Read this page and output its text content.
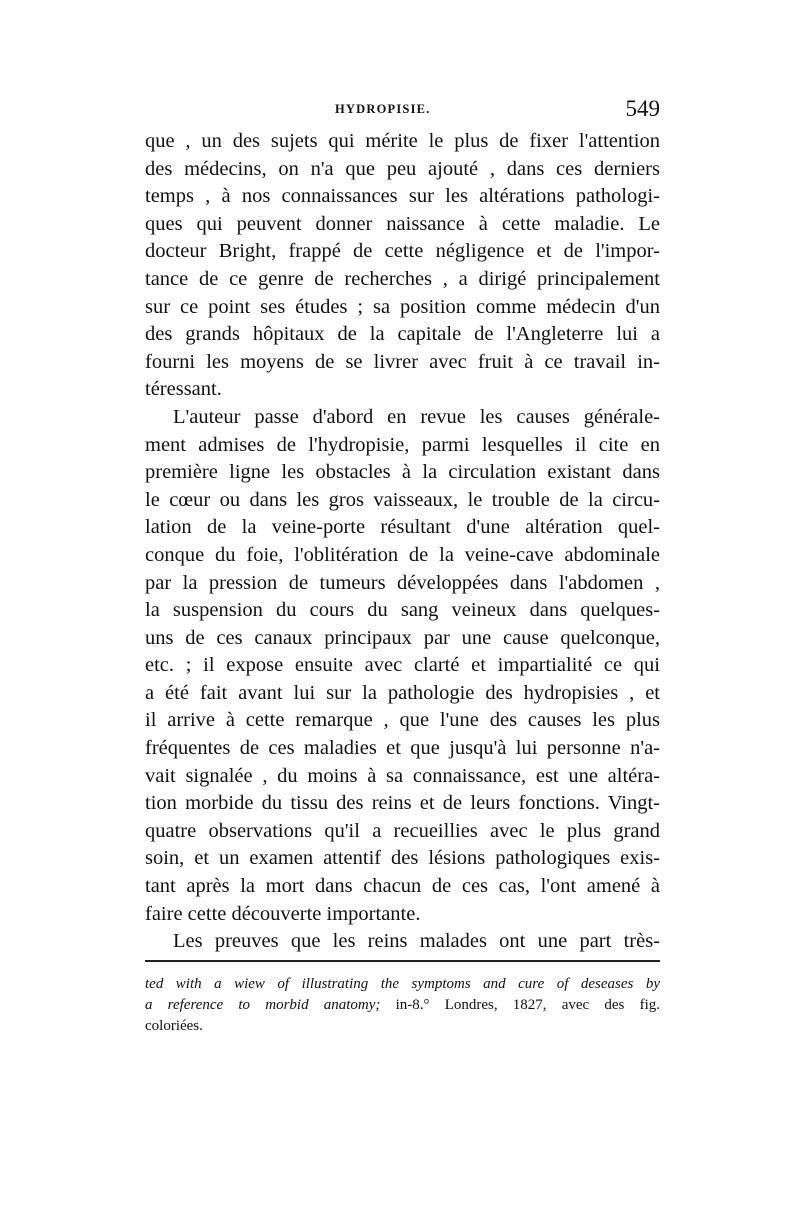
HYDROPISIE.	549
que , un des sujets qui mérite le plus de fixer l'attention
des médecins, on n'a que peu ajouté , dans ces derniers
temps , à nos connaissances sur les altérations pathologi-
ques qui peuvent donner naissance à cette maladie. Le
docteur Bright, frappé de cette négligence et de l'impor-
tance de ce genre de recherches , a dirigé principalement
sur ce point ses études ; sa position comme médecin d'un
des grands hôpitaux de la capitale de l'Angleterre lui a
fourni les moyens de se livrer avec fruit à ce travail in-
téressant.
L'auteur passe d'abord en revue les causes générale-
ment admises de l'hydropisie, parmi lesquelles il cite en
première ligne les obstacles à la circulation existant dans
le cœur ou dans les gros vaisseaux, le trouble de la circu-
lation de la veine-porte résultant d'une altération quel-
conque du foie, l'oblitération de la veine-cave abdominale
par la pression de tumeurs développées dans l'abdomen ,
la suspension du cours du sang veineux dans quelques-
uns de ces canaux principaux par une cause quelconque,
etc. ; il expose ensuite avec clarté et impartialité ce qui
a été fait avant lui sur la pathologie des hydropisies , et
il arrive à cette remarque , que l'une des causes les plus
fréquentes de ces maladies et que jusqu'à lui personne n'a-
vait signalée , du moins à sa connaissance, est une altéra-
tion morbide du tissu des reins et de leurs fonctions. Vingt-
quatre observations qu'il a recueillies avec le plus grand
soin, et un examen attentif des lésions pathologiques exis-
tant après la mort dans chacun de ces cas, l'ont amené à
faire cette découverte importante.
Les preuves que les reins malades ont une part très-
ted with a wiew of illustrating the symptoms and cure of deseases by
a reference to morbid anatomy; in-8.° Londres, 1827, avec des fig.
coloriées.
